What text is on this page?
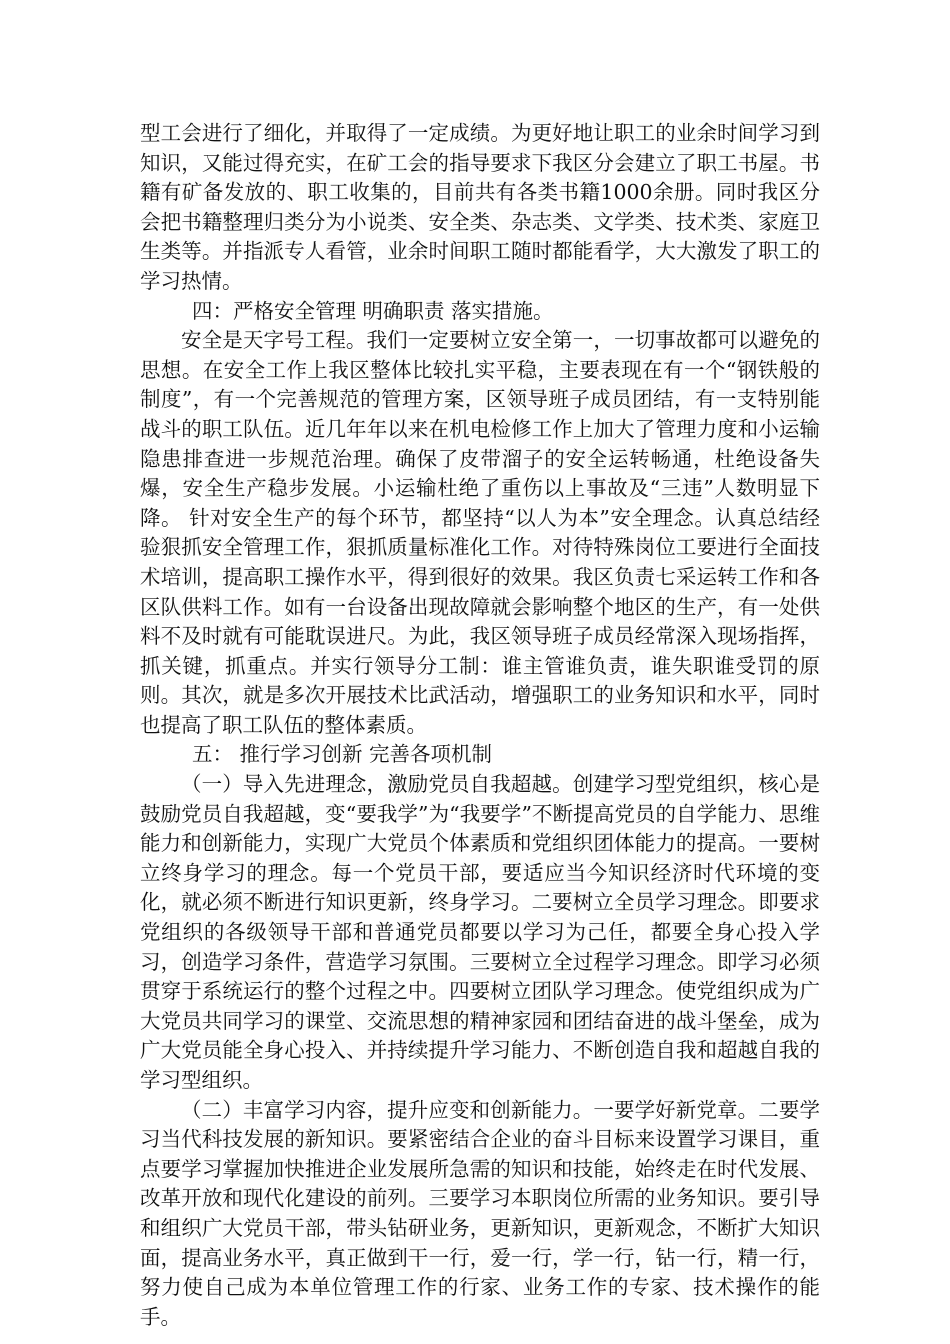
型工会进行了细化，并取得了一定成绩。为更好地让职工的业余时间学习到知识，又能过得充实，在矿工会的指导要求下我区分会建立了职工书屋。书籍有矿备发放的、职工收集的，目前共有各类书籍1000余册。同时我区分会把书籍整理归类分为小说类、安全类、杂志类、文学类、技术类、家庭卫生类等。并指派专人看管，业余时间职工随时都能看学，大大激发了职工的学习热情。

四：严格安全管理 明确职责 落实措施。

安全是天字号工程。我们一定要树立安全第一，一切事故都可以避免的思想。在安全工作上我区整体比较扎实平稳，主要表现在有一个“钢铁般的制度”，有一个完善规范的管理方案，区领导班子成员团结，有一支特别能战斗的职工队伍。近几年年以来在机电检修工作上加大了管理力度和小运输隐患排查进一步规范治理。确保了皮带溜子的安全运转畅通，杜绝设备失爆，安全生产稳步发展。小运输杜绝了重伤以上事故及“三违”人数明显下降。 针对安全生产的每个环节，都坚持“以人为本”安全理念。认真总结经验狠抓安全管理工作，狠抓质量标准化工作。对待特殊岗位工要进行全面技术培训，提高职工操作水平，得到很好的效果。我区负责七采运转工作和各区队供料工作。如有一台设备出现故障就会影响整个地区的生产，有一处供料不及时就有可能耽误进尺。为此，我区领导班子成员经常深入现场指挥，抓关键，抓重点。并实行领导分工制：谁主管谁负责，谁失职谁受罚的原则。其次，就是多次开展技术比武活动，增强职工的业务知识和水平，同时也提高了职工队伍的整体素质。

五： 推行学习创新 完善各项机制

（一）导入先进理念，激励党员自我超越。创建学习型党组织，核心是鼓励党员自我超越，变“要我学”为“我要学”不断提高党员的自学能力、思维能力和创新能力，实现广大党员个体素质和党组织团体能力的提高。一要树立终身学习的理念。每一个党员干部，要适应当今知识经济时代环境的变化，就必须不断进行知识更新，终身学习。二要树立全员学习理念。即要求党组织的各级领导干部和普通党员都要以学习为己任，都要全身心投入学习，创造学习条件，营造学习氛围。三要树立全过程学习理念。即学习必须贯穿于系统运行的整个过程之中。四要树立团队学习理念。使党组织成为广大党员共同学习的课堂、交流思想的精神家园和团结奋进的战斗堡垒，成为广大党员能全身心投入、并持续提升学习能力、不断创造自我和超越自我的学习型组织。

（二）丰富学习内容，提升应变和创新能力。一要学好新党章。二要学习当代科技发展的新知识。要紧密结合企业的奋斗目标来设置学习课目，重点要学习掌握加快推进企业发展所急需的知识和技能，始终走在时代发展、改革开放和现代化建设的前列。三要学习本职岗位所需的业务知识。要引导和组织广大党员干部，带头钻研业务，更新知识，更新观念，不断扩大知识面，提高业务水平，真正做到干一行，爱一行，学一行，钻一行，精一行，努力使自己成为本单位管理工作的行家、业务工作的专家、技术操作的能手。
